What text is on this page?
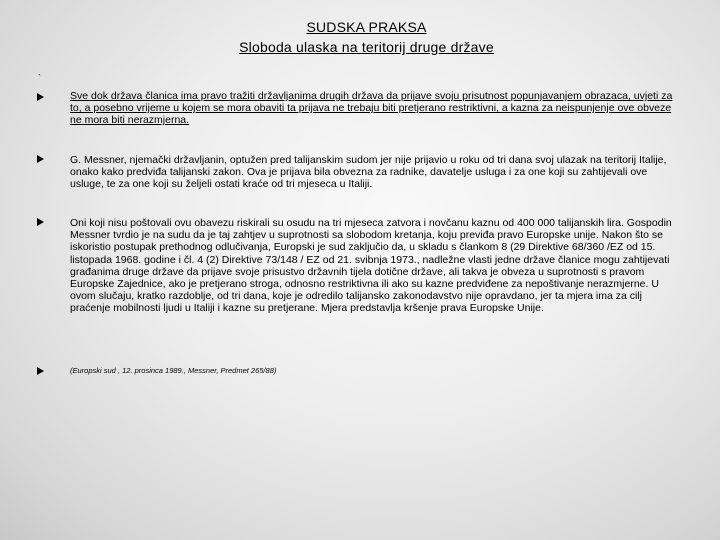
SUDSKA PRAKSA
Sloboda ulaska na teritorij druge države
`
Sve dok država članica ima pravo tražiti državljanima drugih država da prijave svoju prisutnost popunjavanjem obrazaca, uvjeti za to, a posebno vrijeme u kojem se mora obaviti ta prijava ne trebaju biti pretjerano restriktivni, a kazna za neispunjenje ove obveze ne mora biti nerazmjerna.
G. Messner, njemački državljanin, optužen pred talijanskim sudom jer nije prijavio u roku od tri dana svoj ulazak na teritorij Italije, onako kako predviđa talijanski zakon. Ova je prijava bila obvezna za radnike, davatelje usluga i za one koji su zahtijevali ove usluge, te za one koji su željeli ostati kraće od tri mjeseca u Italiji.
Oni koji nisu poštovali ovu obavezu riskirali su osudu na tri mjeseca zatvora i novčanu kaznu od 400 000 talijanskih lira. Gospodin Messner tvrdio je na sudu da je taj zahtjev u suprotnosti sa slobodom kretanja, koju previđa pravo Europske unije. Nakon što se iskoristio postupak prethodnog odlučivanja, Europski je sud zaključio da, u skladu s člankom 8 (29 Direktive 68/360 /EZ od 15. listopada 1968. godine i čl. 4 (2) Direktive 73/148 / EZ od 21. svibnja 1973., nadležne vlasti jedne države članice mogu zahtijevati građanima druge države da prijave svoje prisustvo državnih tijela dotične države, ali takva je obveza u suprotnosti s pravom Europske Zajednice, ako je pretjerano stroga, odnosno restriktivna ili ako su kazne predviđene za nepoštivanje nerazmjerne. U ovom slučaju, kratko razdoblje, od tri dana, koje je odredilo talijansko zakonodavstvo nije opravdano, jer ta mjera ima za cilj praćenje mobilnosti ljudi u Italiji i kazne su pretjerane. Mjera predstavlja kršenje prava Europske Unije.
(Europski sud , 12. prosinca 1989., Messner, Predmet 265/88)
